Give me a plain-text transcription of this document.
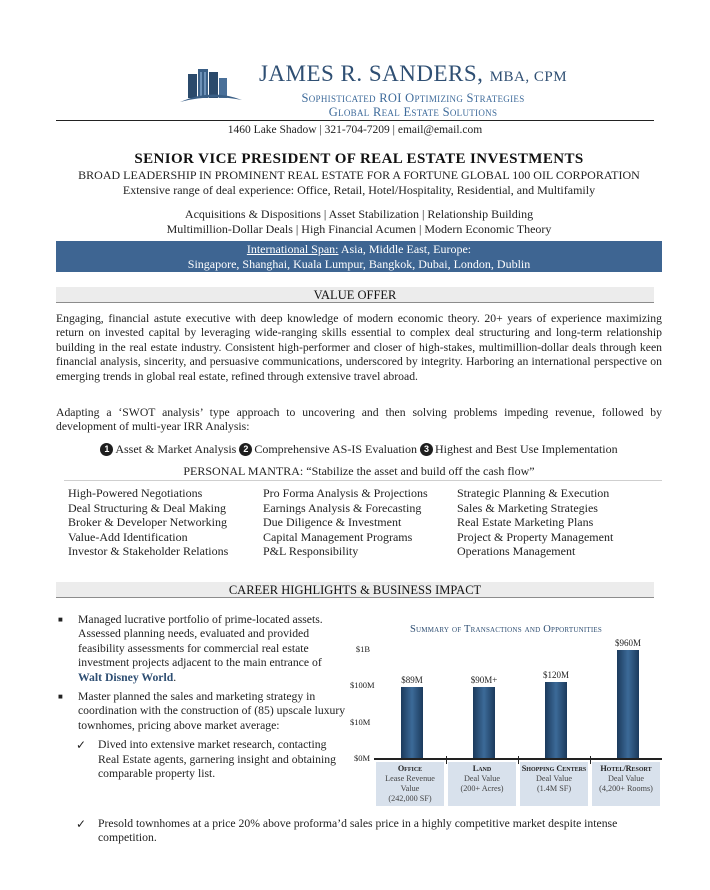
JAMES R. SANDERS, MBA, CPM
Sophisticated ROI Optimizing Strategies
Global Real Estate Solutions
1460 Lake Shadow | 321-704-7209 | email@email.com
SENIOR VICE PRESIDENT OF REAL ESTATE INVESTMENTS
BROAD LEADERSHIP IN PROMINENT REAL ESTATE FOR A FORTUNE GLOBAL 100 OIL CORPORATION
Extensive range of deal experience: Office, Retail, Hotel/Hospitality, Residential, and Multifamily
Acquisitions & Dispositions | Asset Stabilization | Relationship Building
Multimillion-Dollar Deals | High Financial Acumen | Modern Economic Theory
International Span: Asia, Middle East, Europe:
Singapore, Shanghai, Kuala Lumpur, Bangkok, Dubai, London, Dublin
VALUE OFFER
Engaging, financial astute executive with deep knowledge of modern economic theory. 20+ years of experience maximizing return on invested capital by leveraging wide-ranging skills essential to complex deal structuring and long-term relationship building in the real estate industry. Consistent high-performer and closer of high-stakes, multimillion-dollar deals through keen financial analysis, sincerity, and persuasive communications, underscored by integrity. Harboring an international perspective on emerging trends in global real estate, refined through extensive travel abroad.
Adapting a ‘SWOT analysis’ type approach to uncovering and then solving problems impeding revenue, followed by development of multi-year IRR Analysis:
1 Asset & Market Analysis 2 Comprehensive AS-IS Evaluation 3 Highest and Best Use Implementation
PERSONAL MANTRA: “Stabilize the asset and build off the cash flow”
High-Powered Negotiations
Deal Structuring & Deal Making
Broker & Developer Networking
Value-Add Identification
Investor & Stakeholder Relations
Pro Forma Analysis & Projections
Earnings Analysis & Forecasting
Due Diligence & Investment
Capital Management Programs
P&L Responsibility
Strategic Planning & Execution
Sales & Marketing Strategies
Real Estate Marketing Plans
Project & Property Management
Operations Management
CAREER HIGHLIGHTS & BUSINESS IMPACT
■ Managed lucrative portfolio of prime-located assets. Assessed planning needs, evaluated and provided feasibility assessments for commercial real estate investment projects adjacent to the main entrance of Walt Disney World.
■ Master planned the sales and marketing strategy in coordination with the construction of (85) upscale luxury townhomes, pricing above market average:
✓ Dived into extensive market research, contacting Real Estate agents, garnering insight and obtaining comparable property list.
✓ Presold townhomes at a price 20% above proforma’d sales price in a highly competitive market despite intense competition.
Summary of Transactions and Opportunities
$1B
$100M
$10M
$0M
$89M
Office
Lease Revenue
Value
(242,000 SF)
$90M+
Land
Deal Value
(200+ Acres)
$120M
Shopping Centers
Deal Value
(1.4M SF)
$960M
Hotel/Resort
Deal Value
(4,200+ Rooms)
